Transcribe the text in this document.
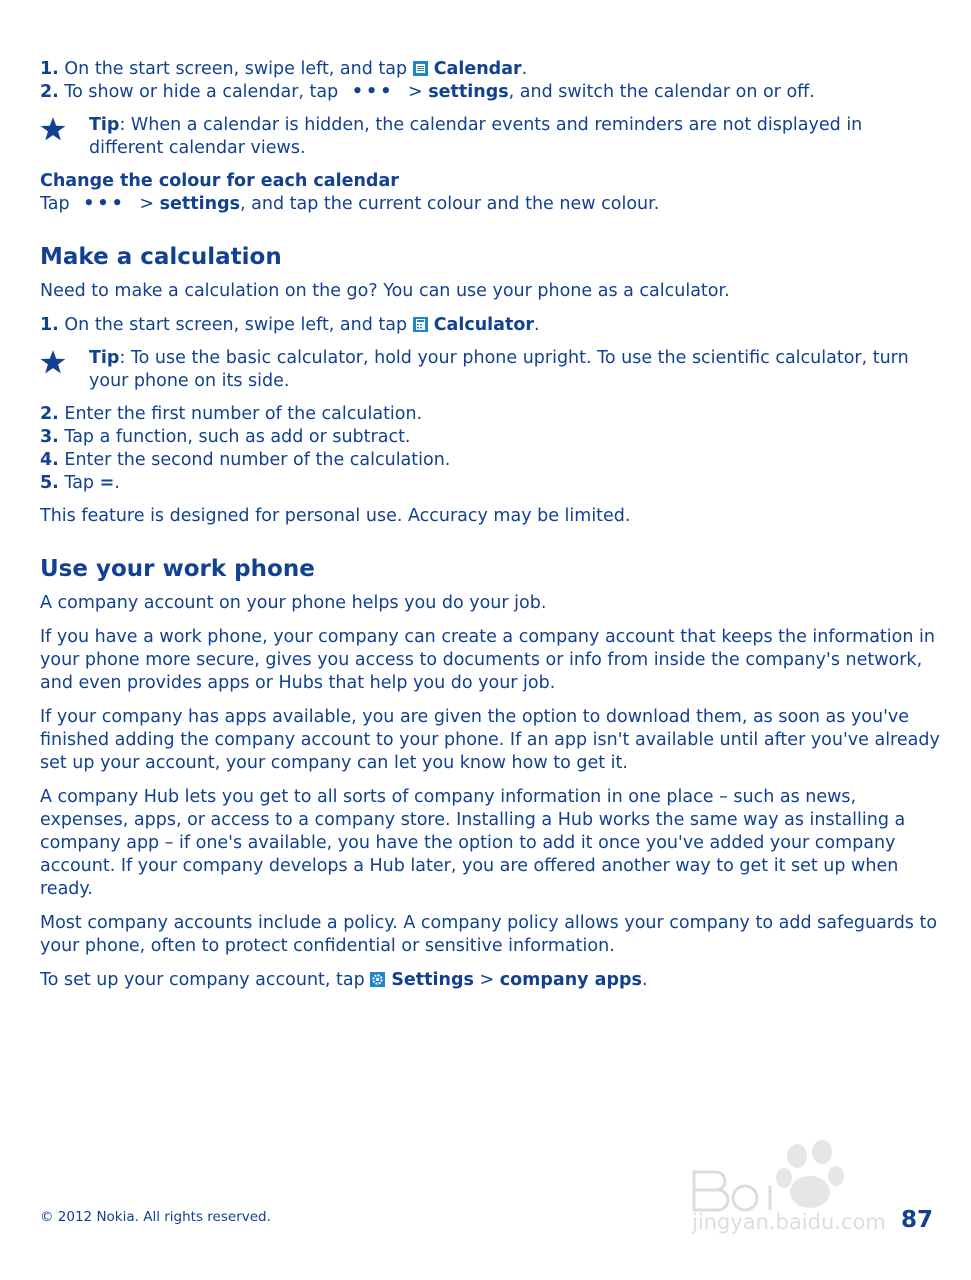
1. On the start screen, swipe left, and tap Calendar.
2. To show or hide a calendar, tap ••• > settings, and switch the calendar on or off.

Tip: When a calendar is hidden, the calendar events and reminders are not displayed in different calendar views.

Change the colour for each calendar
Tap ••• > settings, and tap the current colour and the new colour.
Make a calculation

Need to make a calculation on the go? You can use your phone as a calculator.

1. On the start screen, swipe left, and tap Calculator.

Tip: To use the basic calculator, hold your phone upright. To use the scientific calculator, turn your phone on its side.

2. Enter the first number of the calculation.
3. Tap a function, such as add or subtract.
4. Enter the second number of the calculation.
5. Tap =.

This feature is designed for personal use. Accuracy may be limited.

Use your work phone

A company account on your phone helps you do your job.

If you have a work phone, your company can create a company account that keeps the information in your phone more secure, gives you access to documents or info from inside the company's network, and even provides apps or Hubs that help you do your job.

If your company has apps available, you are given the option to download them, as soon as you've finished adding the company account to your phone. If an app isn't available until after you've already set up your account, your company can let you know how to get it.

A company Hub lets you get to all sorts of company information in one place – such as news, expenses, apps, or access to a company store. Installing a Hub works the same way as installing a company app – if one's available, you have the option to add it once you've added your company account. If your company develops a Hub later, you are offered another way to get it set up when ready.

Most company accounts include a policy. A company policy allows your company to add safeguards to your phone, often to protect confidential or sensitive information.

To set up your company account, tap Settings > company apps.

jingyan.baidu.com
© 2012 Nokia. All rights reserved.	87
